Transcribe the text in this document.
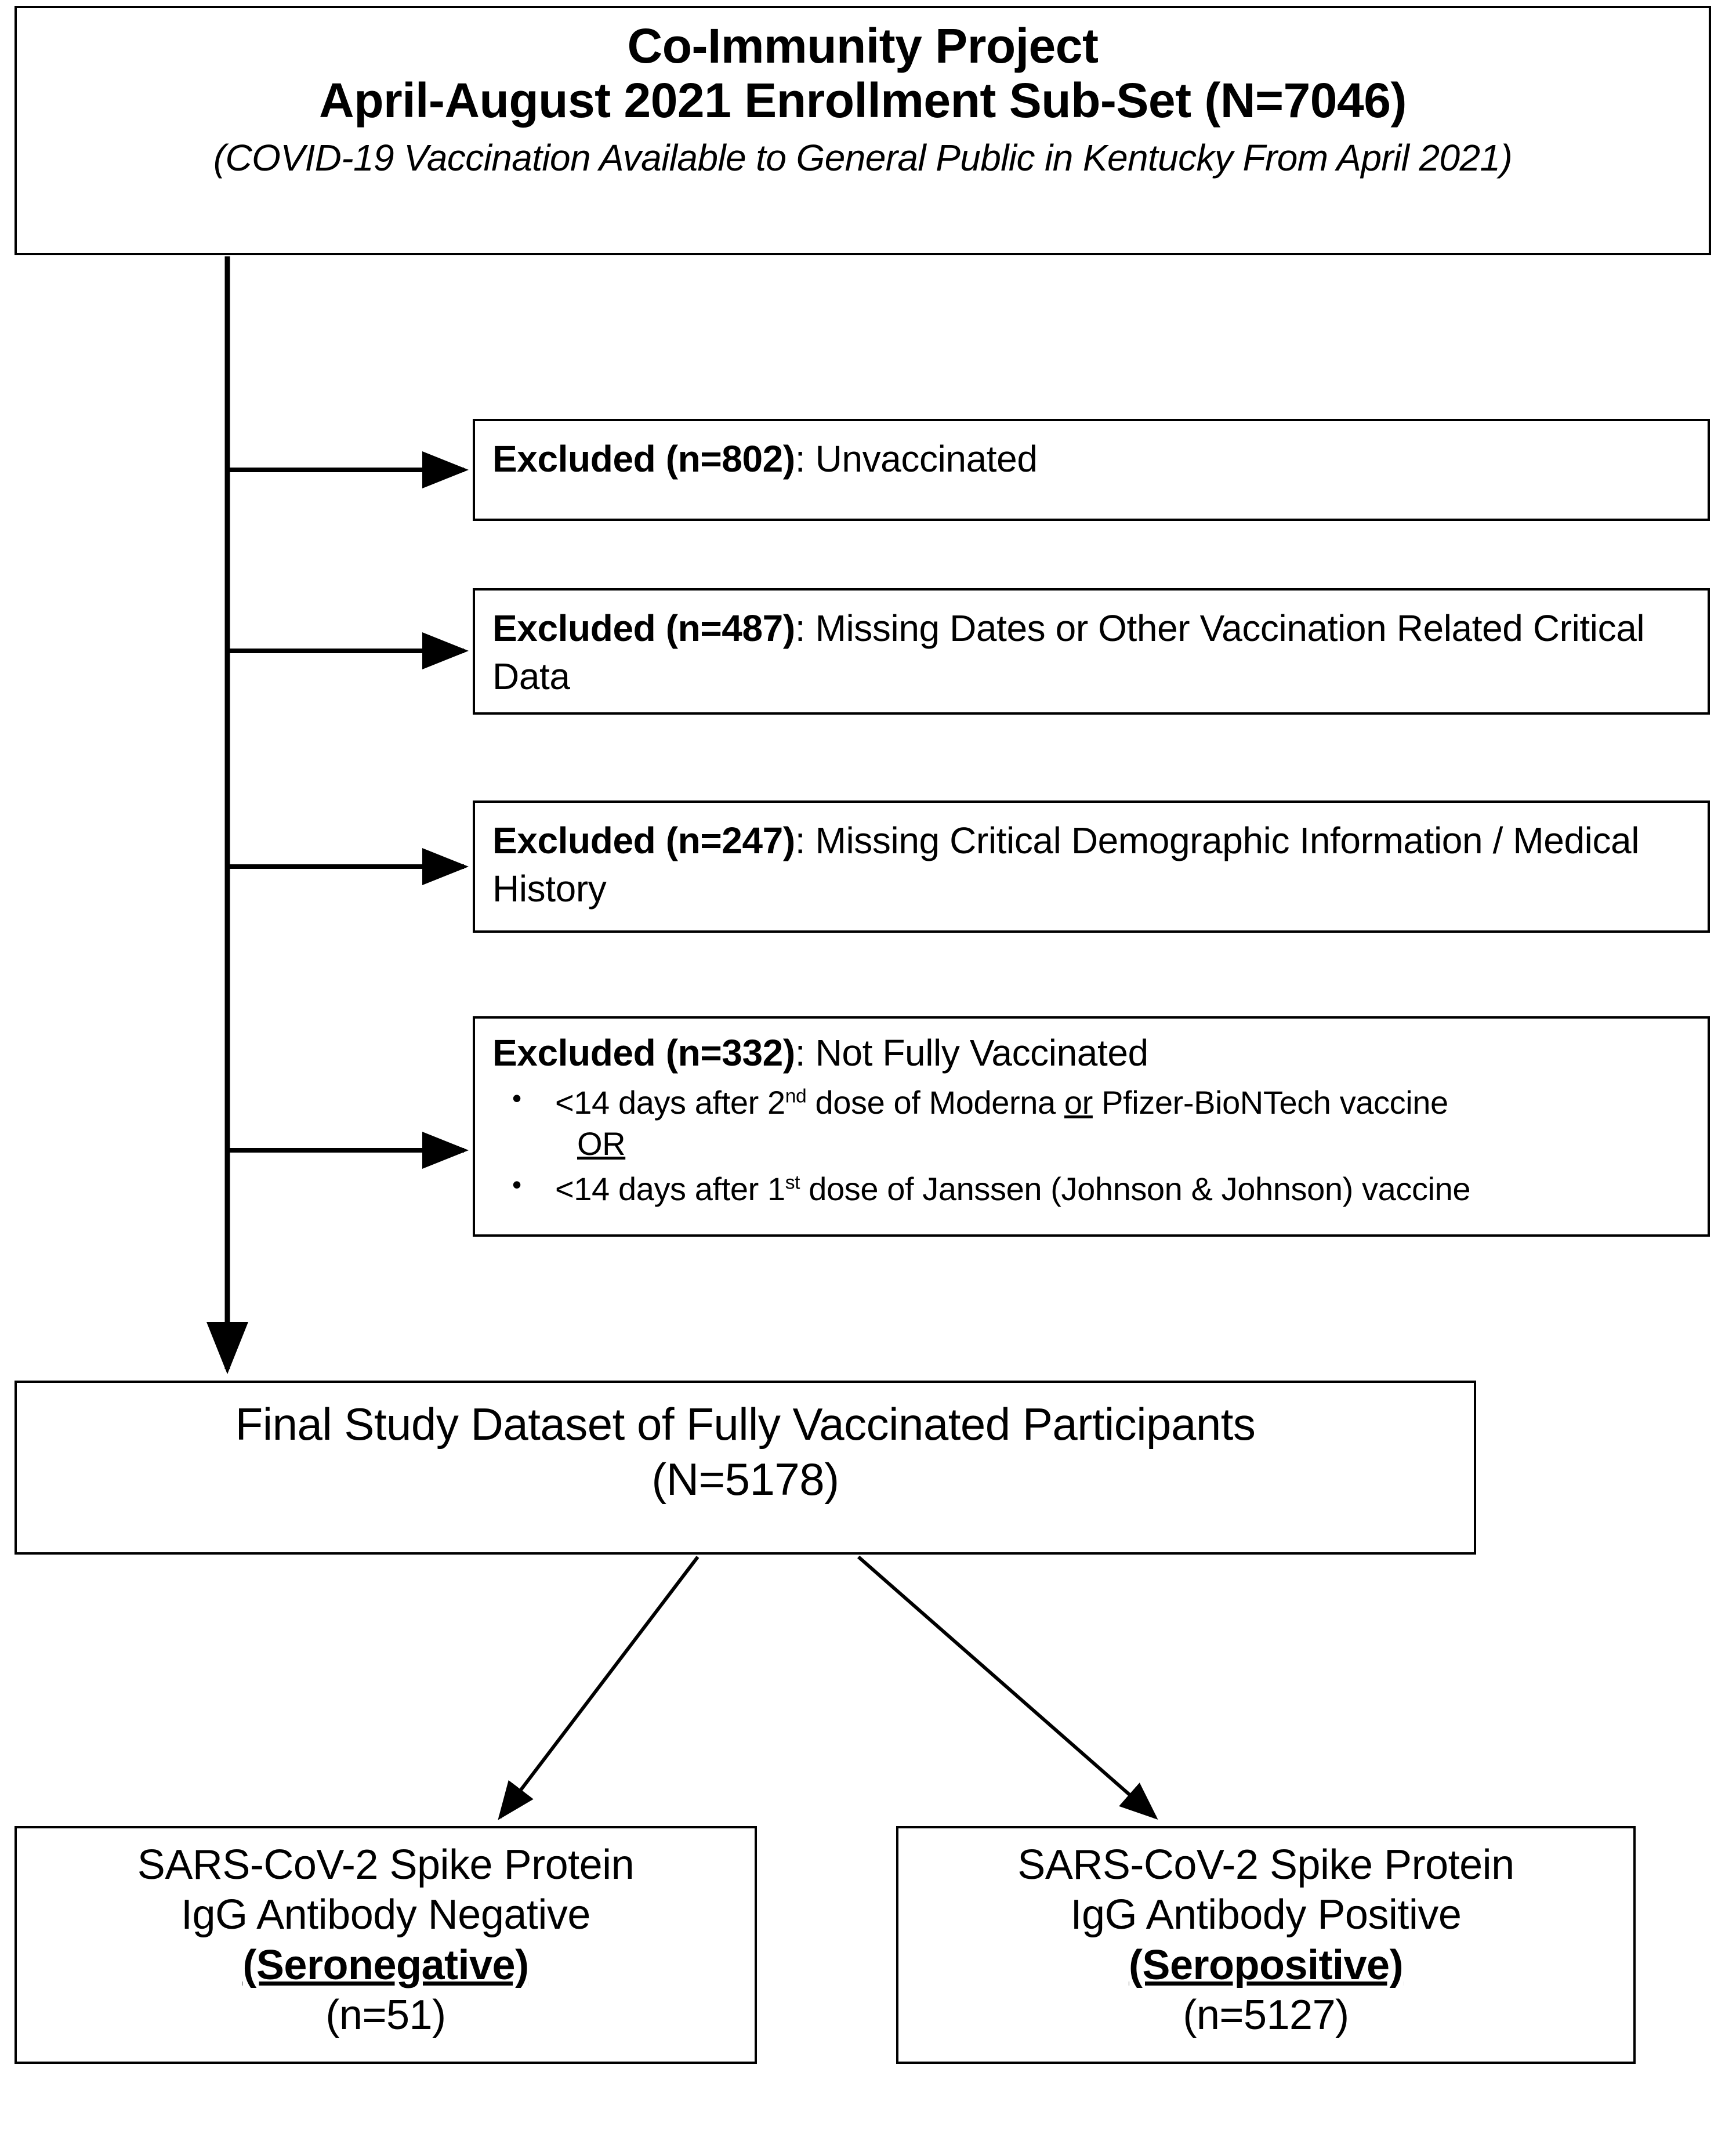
Co-Immunity Project
April-August 2021 Enrollment Sub-Set (N=7046)
(COVID-19 Vaccination Available to General Public in Kentucky From April 2021)
Excluded (n=802): Unvaccinated
Excluded (n=487): Missing Dates or Other Vaccination Related Critical Data
Excluded (n=247): Missing Critical Demographic Information / Medical History
Excluded (n=332): Not Fully Vaccinated
• <14 days after 2nd dose of Moderna or Pfizer-BioNTech vaccine
OR
• <14 days after 1st dose of Janssen (Johnson & Johnson) vaccine
Final Study Dataset of Fully Vaccinated Participants
(N=5178)
SARS-CoV-2 Spike Protein
IgG Antibody Negative
(Seronegative)
(n=51)
SARS-CoV-2 Spike Protein
IgG Antibody Positive
(Seropositive)
(n=5127)
